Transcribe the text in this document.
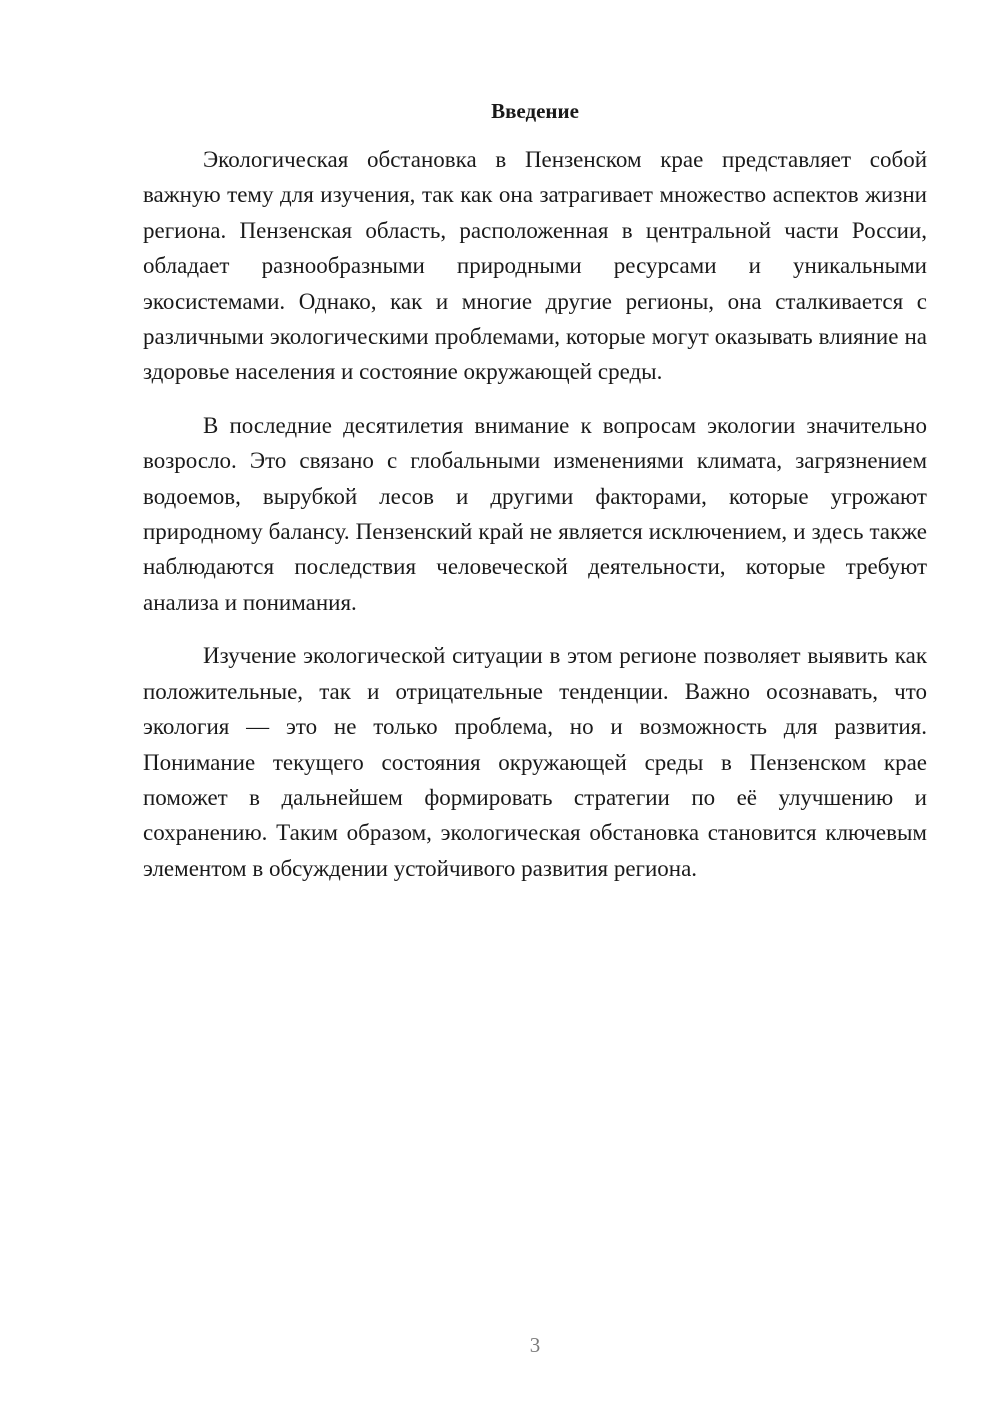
Введение

Экологическая обстановка в Пензенском крае представляет собой важную тему для изучения, так как она затрагивает множество аспектов жизни региона. Пензенская область, расположенная в центральной части России, обладает разнообразными природными ресурсами и уникальными экосистемами. Однако, как и многие другие регионы, она сталкивается с различными экологическими проблемами, которые могут оказывать влияние на здоровье населения и состояние окружающей среды.

В последние десятилетия внимание к вопросам экологии значительно возросло. Это связано с глобальными изменениями климата, загрязнением водоемов, вырубкой лесов и другими факторами, которые угрожают природному балансу. Пензенский край не является исключением, и здесь также наблюдаются последствия человеческой деятельности, которые требуют анализа и понимания.

Изучение экологической ситуации в этом регионе позволяет выявить как положительные, так и отрицательные тенденции. Важно осознавать, что экология — это не только проблема, но и возможность для развития. Понимание текущего состояния окружающей среды в Пензенском крае поможет в дальнейшем формировать стратегии по её улучшению и сохранению. Таким образом, экологическая обстановка становится ключевым элементом в обсуждении устойчивого развития региона.

3
